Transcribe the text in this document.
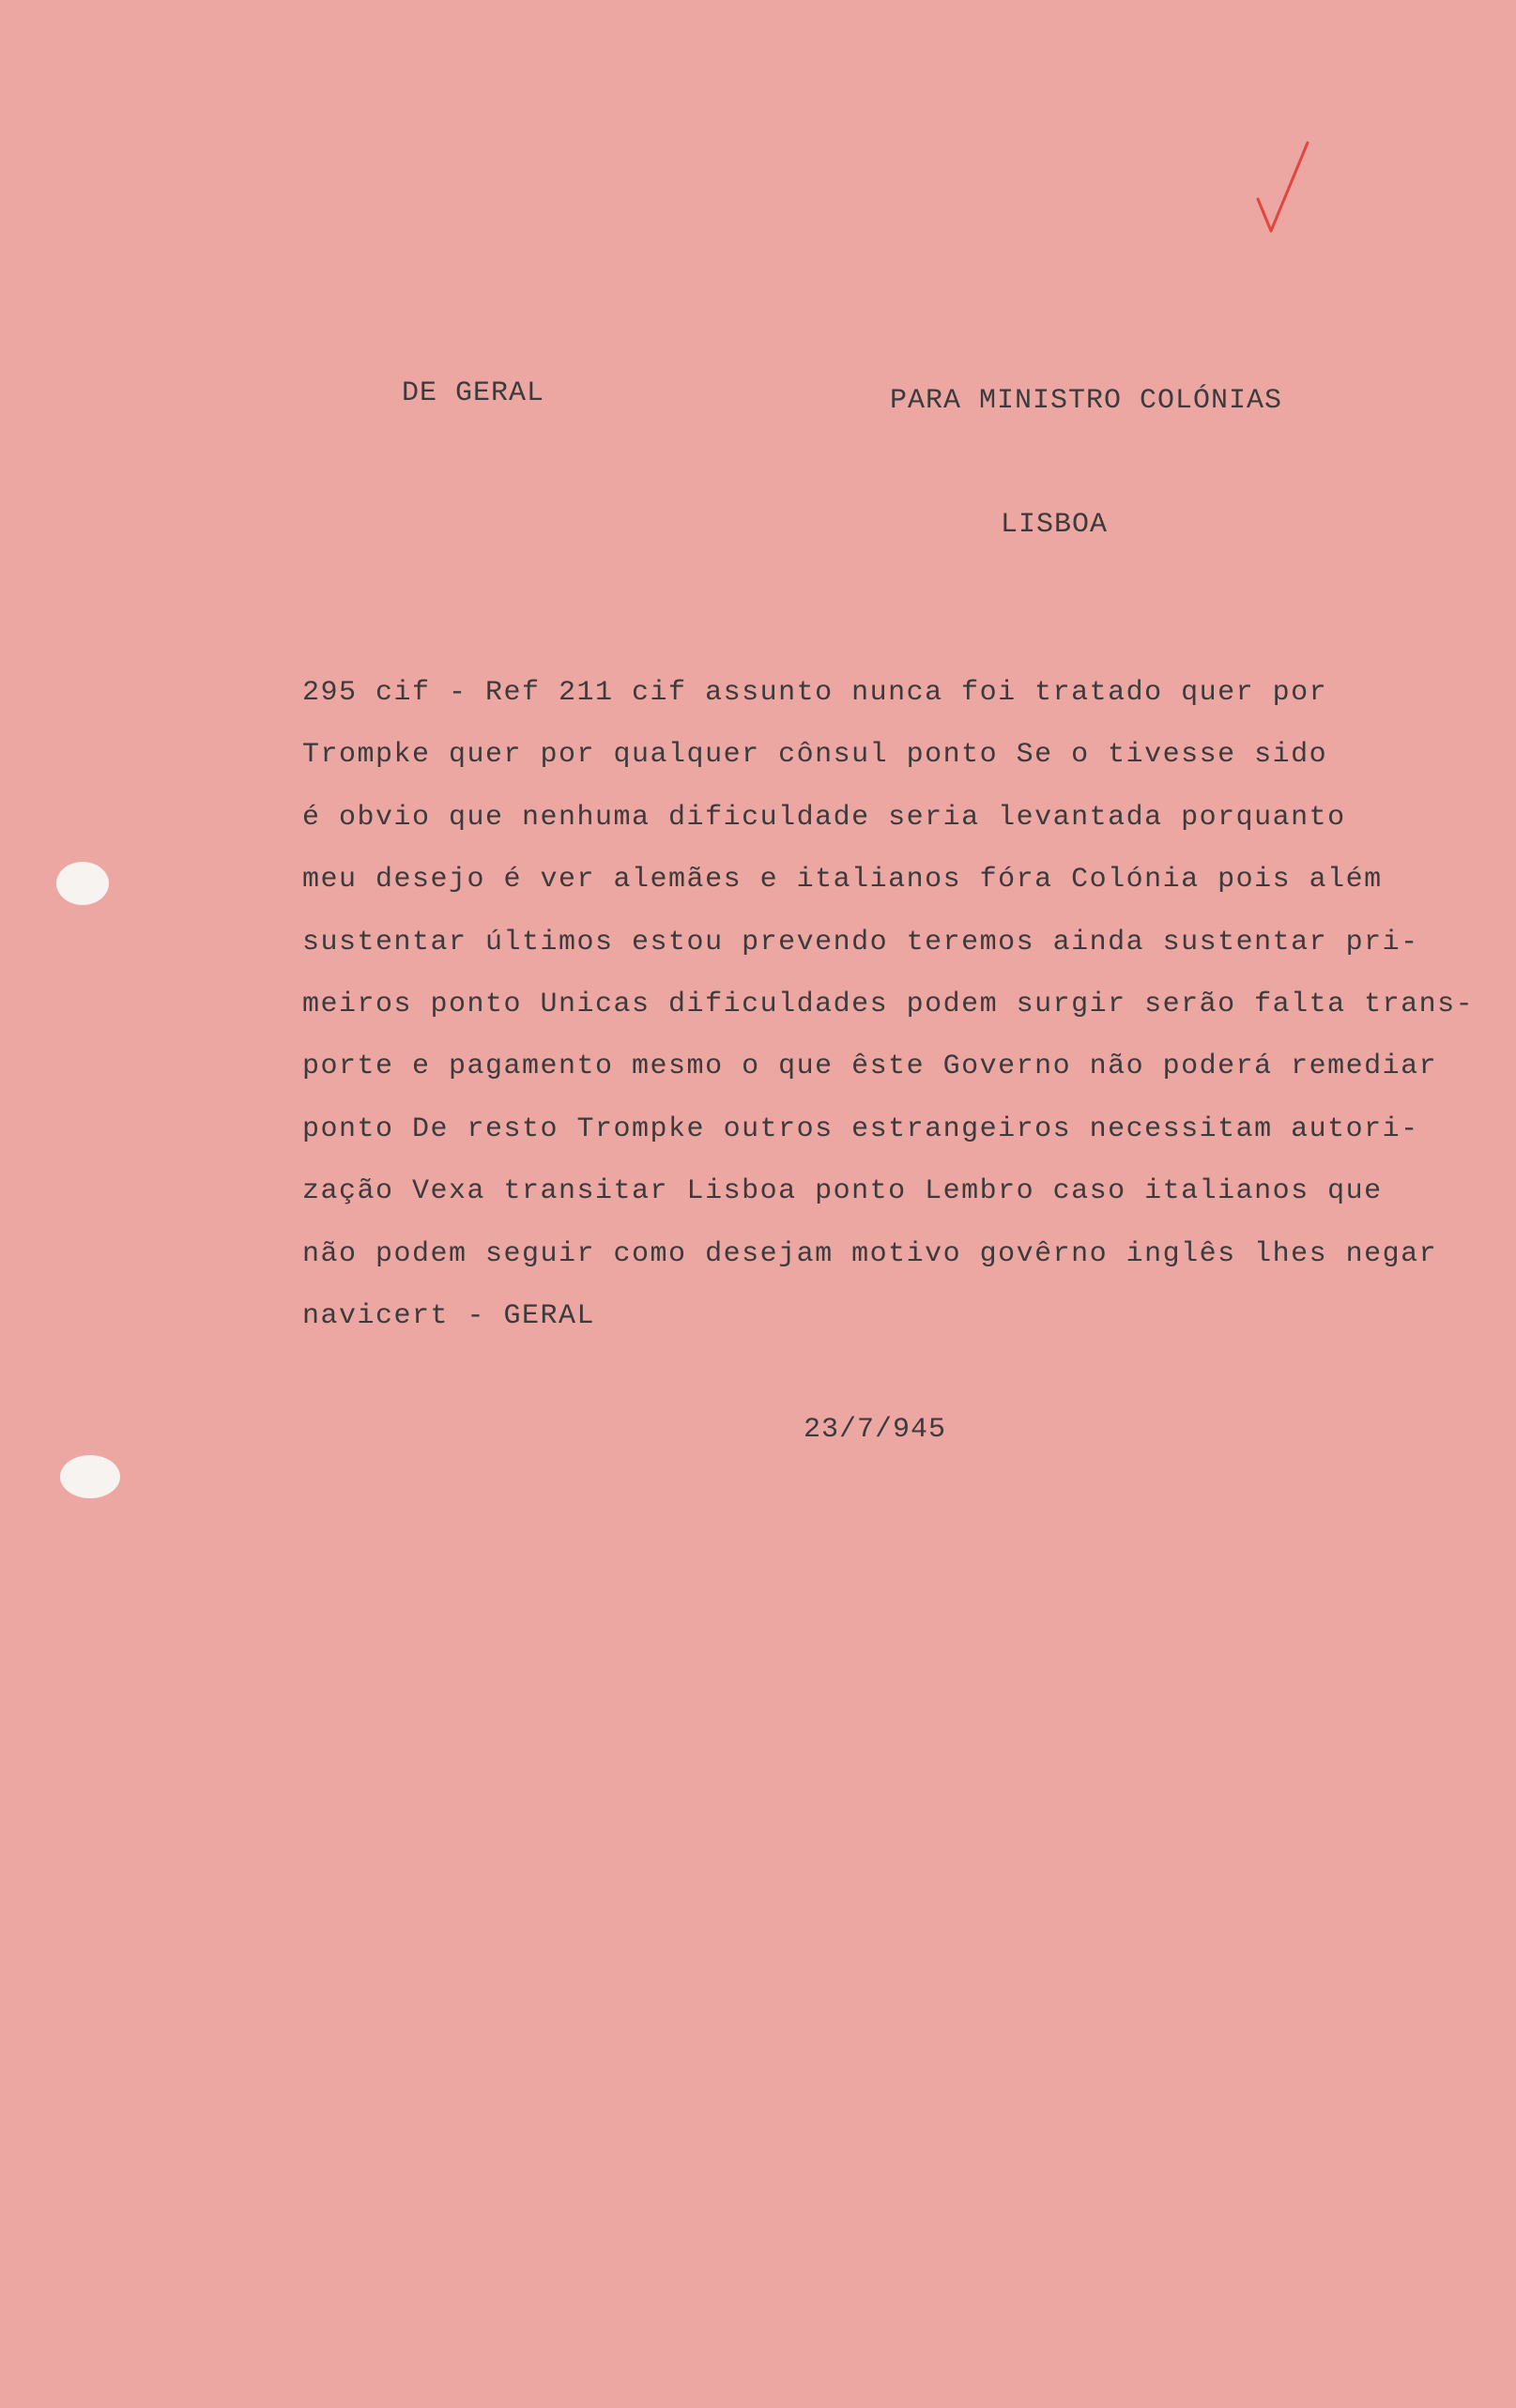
DE GERAL	PARA MINISTRO COLÓNIAS
LISBOA
295 cif - Ref 211 cif assunto nunca foi tratado quer por
Trompke quer por qualquer cônsul ponto Se o tivesse sido
é obvio que nenhuma dificuldade seria levantada porquanto
meu desejo é ver alemães e italianos fóra Colónia pois além
sustentar últimos estou prevendo teremos ainda sustentar pri-
meiros ponto Unicas dificuldades podem surgir serão falta trans-
porte e pagamento mesmo o que êste Governo não poderá remediar
ponto De resto Trompke outros estrangeiros necessitam autori-
zação Vexa transitar Lisboa ponto Lembro caso italianos que
não podem seguir como desejam motivo govêrno inglês lhes negar
navicert - GERAL
23/7/945
